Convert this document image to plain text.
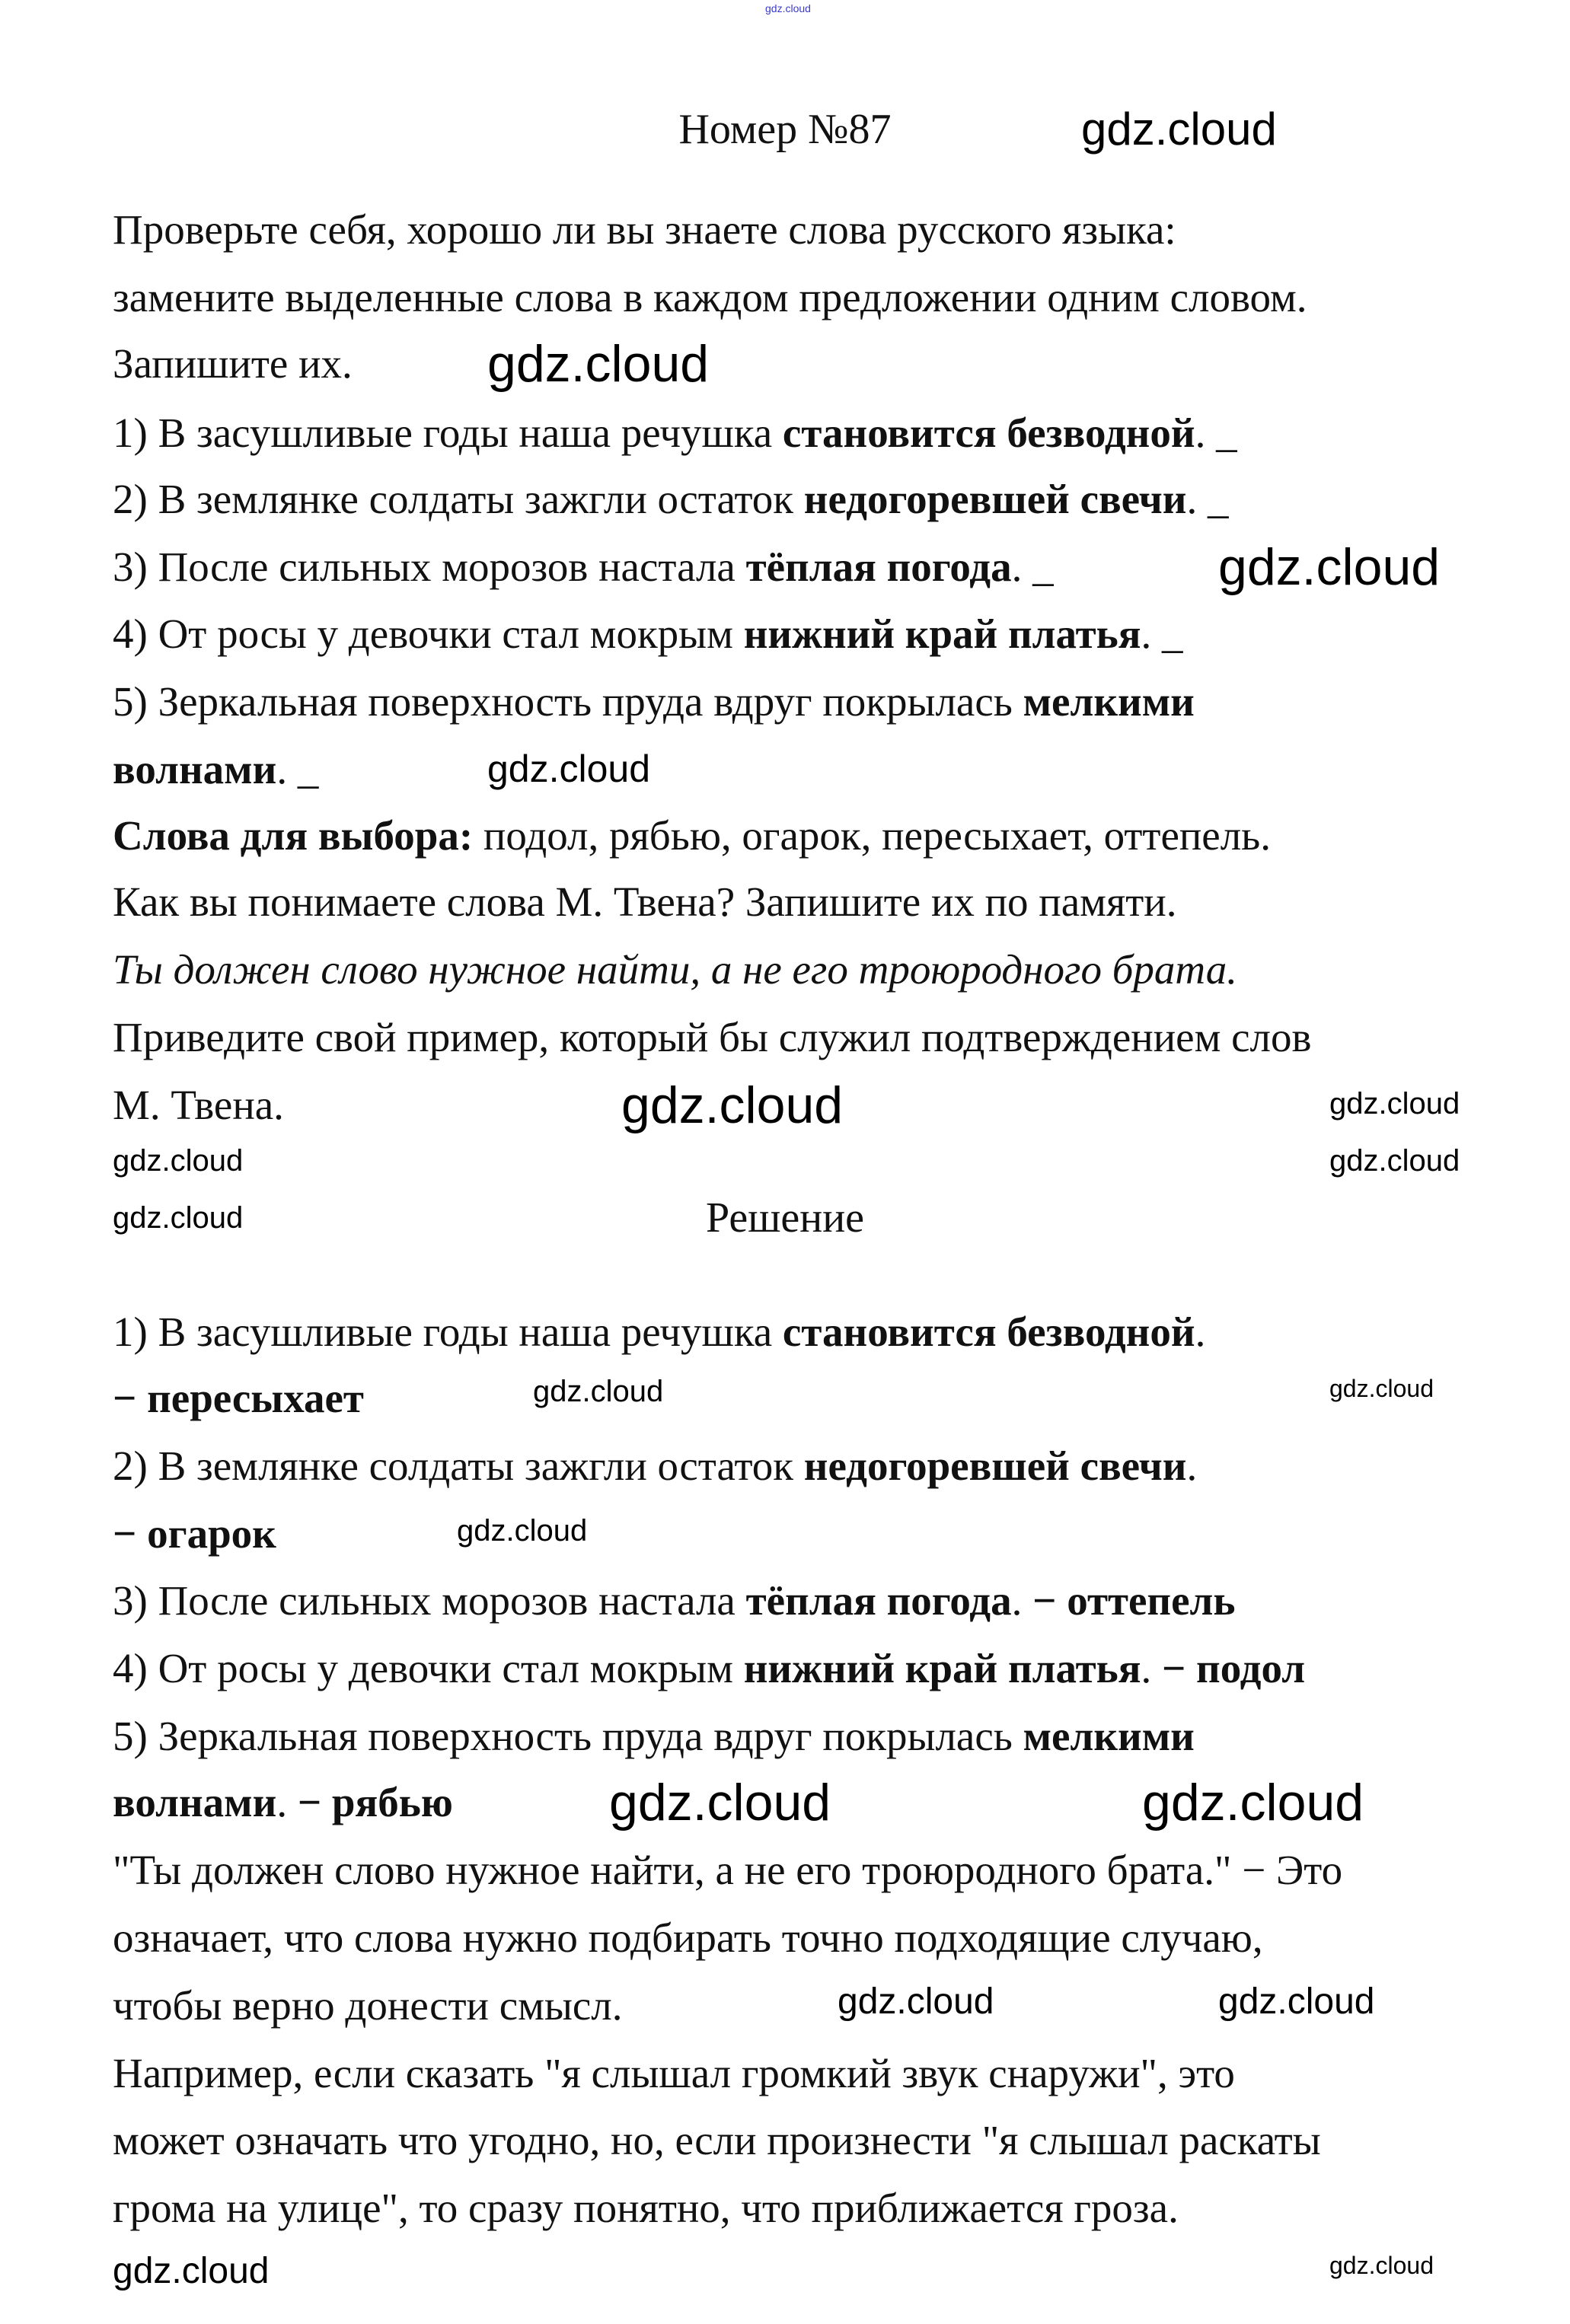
gdz.cloud
Номер №87
Проверьте себя, хорошо ли вы знаете слова русского языка:
замените выделенные слова в каждом предложении одним словом.
Запишите их.
1) В засушливые годы наша речушка становится безводной. _
2) В землянке солдаты зажгли остаток недогоревшей свечи. _
3) После сильных морозов настала тёплая погода. _
4) От росы у девочки стал мокрым нижний край платья. _
5) Зеркальная поверхность пруда вдруг покрылась мелкими
волнами. _
Слова для выбора: подол, рябью, огарок, пересыхает, оттепель.
Как вы понимаете слова М. Твена? Запишите их по памяти.
Ты должен слово нужное найти, а не его троюродного брата.
Приведите свой пример, который бы служил подтверждением слов
М. Твена.
Решение
1) В засушливые годы наша речушка становится безводной.
− пересыхает
2) В землянке солдаты зажгли остаток недогоревшей свечи.
− огарок
3) После сильных морозов настала тёплая погода. − оттепель
4) От росы у девочки стал мокрым нижний край платья. − подол
5) Зеркальная поверхность пруда вдруг покрылась мелкими
волнами. − рябью
"Ты должен слово нужное найти, а не его троюродного брата." − Это
означает, что слова нужно подбирать точно подходящие случаю,
чтобы верно донести смысл.
Например, если сказать "я слышал громкий звук снаружи", это
может означать что угодно, но, если произнести "я слышал раскаты
грома на улице", то сразу понятно, что приближается гроза.
gdz.cloud
gdz.cloud
gdz.cloud
gdz.cloud
gdz.cloud	gdz.cloud
gdz.cloud	gdz.cloud
gdz.cloud
gdz.cloud	gdz.cloud
gdz.cloud
gdz.cloud	gdz.cloud
gdz.cloud	gdz.cloud
gdz.cloud	gdz.cloud
